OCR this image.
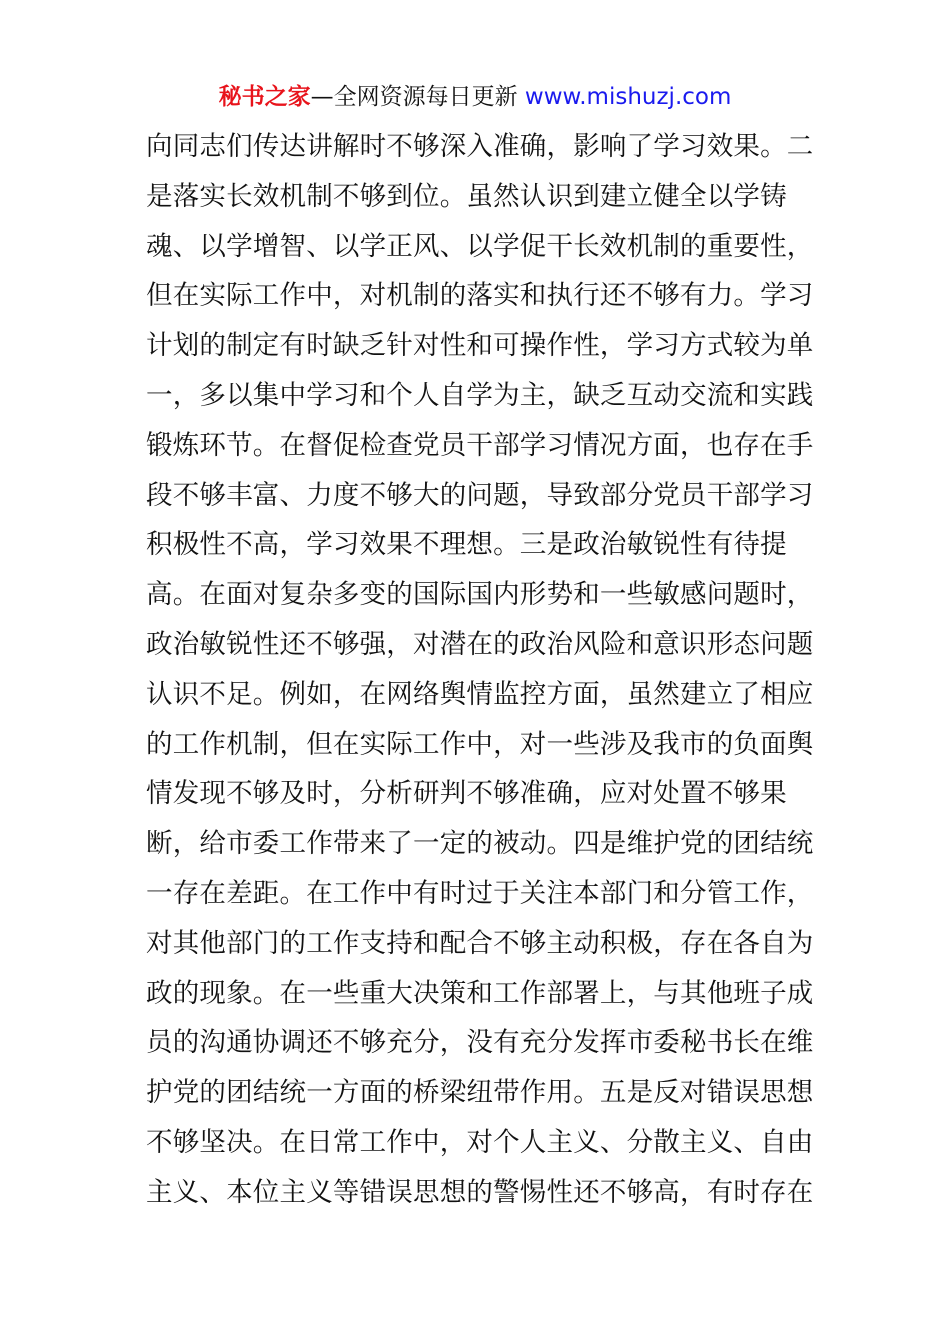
秘书之家—全网资源每日更新 www.mishuzj.com
向同志们传达讲解时不够深入准确，影响了学习效果。二
是落实长效机制不够到位。虽然认识到建立健全以学铸
魂、以学增智、以学正风、以学促干长效机制的重要性，
但在实际工作中，对机制的落实和执行还不够有力。学习
计划的制定有时缺乏针对性和可操作性，学习方式较为单
一，多以集中学习和个人自学为主，缺乏互动交流和实践
锻炼环节。在督促检查党员干部学习情况方面，也存在手
段不够丰富、力度不够大的问题，导致部分党员干部学习
积极性不高，学习效果不理想。三是政治敏锐性有待提
高。在面对复杂多变的国际国内形势和一些敏感问题时，
政治敏锐性还不够强，对潜在的政治风险和意识形态问题
认识不足。例如，在网络舆情监控方面，虽然建立了相应
的工作机制，但在实际工作中，对一些涉及我市的负面舆
情发现不够及时，分析研判不够准确，应对处置不够果
断，给市委工作带来了一定的被动。四是维护党的团结统
一存在差距。在工作中有时过于关注本部门和分管工作，
对其他部门的工作支持和配合不够主动积极，存在各自为
政的现象。在一些重大决策和工作部署上，与其他班子成
员的沟通协调还不够充分，没有充分发挥市委秘书长在维
护党的团结统一方面的桥梁纽带作用。五是反对错误思想
不够坚决。在日常工作中，对个人主义、分散主义、自由
主义、本位主义等错误思想的警惕性还不够高，有时存在
